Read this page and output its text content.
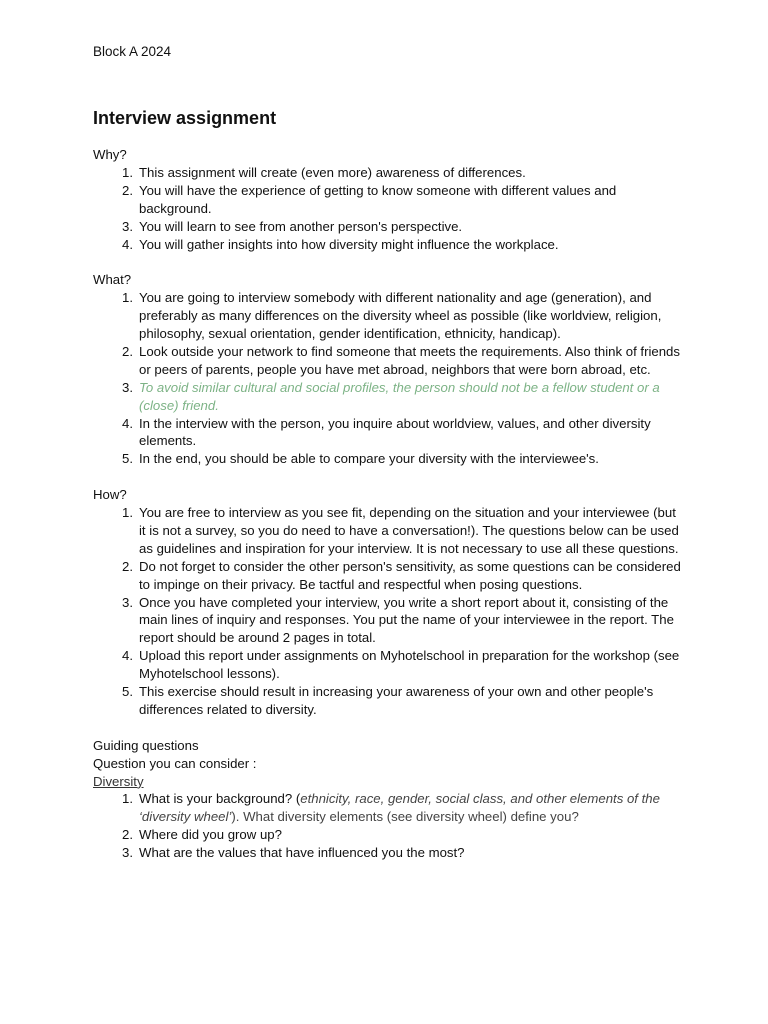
Block A 2024
Interview assignment
Why?
1. This assignment will create (even more) awareness of differences.
2. You will have the experience of getting to know someone with different values and background.
3. You will learn to see from another person's perspective.
4. You will gather insights into how diversity might influence the workplace.
What?
1. You are going to interview somebody with different nationality and age (generation), and preferably as many differences on the diversity wheel as possible (like worldview, religion, philosophy, sexual orientation, gender identification, ethnicity, handicap).
2. Look outside your network to find someone that meets the requirements. Also think of friends or peers of parents, people you have met abroad, neighbors that were born abroad, etc.
3. To avoid similar cultural and social profiles, the person should not be a fellow student or a (close) friend.
4. In the interview with the person, you inquire about worldview, values, and other diversity elements.
5. In the end, you should be able to compare your diversity with the interviewee's.
How?
1. You are free to interview as you see fit, depending on the situation and your interviewee (but it is not a survey, so you do need to have a conversation!). The questions below can be used as guidelines and inspiration for your interview. It is not necessary to use all these questions.
2. Do not forget to consider the other person's sensitivity, as some questions can be considered to impinge on their privacy. Be tactful and respectful when posing questions.
3. Once you have completed your interview, you write a short report about it, consisting of the main lines of inquiry and responses. You put the name of your interviewee in the report. The report should be around 2 pages in total.
4. Upload this report under assignments on Myhotelschool in preparation for the workshop (see Myhotelschool lessons).
5. This exercise should result in increasing your awareness of your own and other people's differences related to diversity.
Guiding questions
Question you can consider :
Diversity
1. What is your background? (ethnicity, race, gender, social class, and other elements of the ‘diversity wheel’). What diversity elements (see diversity wheel) define you?
2. Where did you grow up?
3. What are the values that have influenced you the most?
